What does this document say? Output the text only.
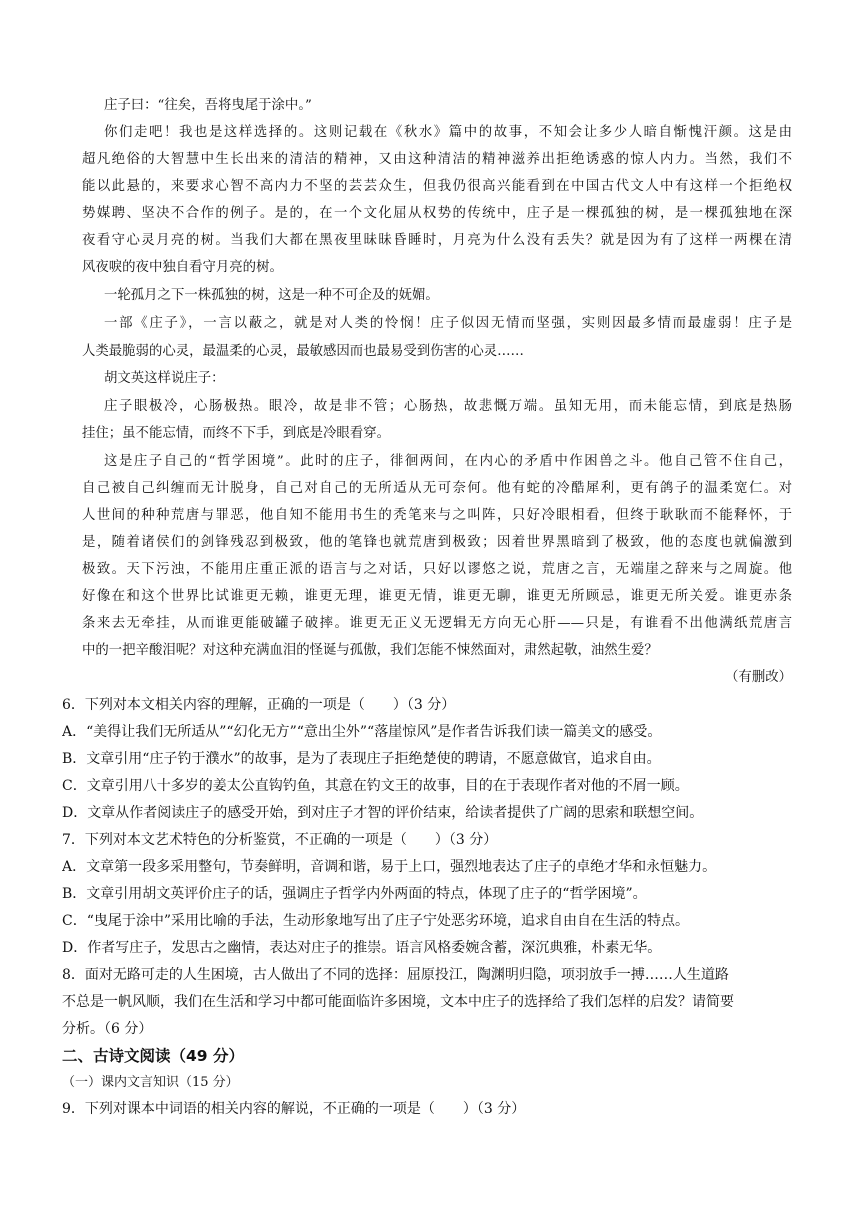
庄子曰：“往矣，吾将曳尾于涂中。”
你们走吧！我也是这样选择的。这则记载在《秋水》篇中的故事，不知会让多少人暗自惭愧汗颜。这是由
超凡绝俗的大智慧中生长出来的清洁的精神，又由这种清洁的精神滋养出拒绝诱惑的惊人内力。当然，我们不
能以此悬的，来要求心智不高内力不坚的芸芸众生，但我仍很高兴能看到在中国古代文人中有这样一个拒绝权
势媒聘、坚决不合作的例子。是的，在一个文化屈从权势的传统中，庄子是一棵孤独的树，是一棵孤独地在深
夜看守心灵月亮的树。当我们大都在黑夜里昧昧昏睡时，月亮为什么没有丢失？就是因为有了这样一两棵在清
风夜唳的夜中独自看守月亮的树。
一轮孤月之下一株孤独的树，这是一种不可企及的妩媚。
一部《庄子》，一言以蔽之，就是对人类的怜悯！庄子似因无情而坚强，实则因最多情而最虚弱！庄子是
人类最脆弱的心灵，最温柔的心灵，最敏感因而也最易受到伤害的心灵……
胡文英这样说庄子：
庄子眼极冷，心肠极热。眼冷，故是非不管；心肠热，故悲慨万端。虽知无用，而未能忘情，到底是热肠
挂住；虽不能忘情，而终不下手，到底是冷眼看穿。
这是庄子自己的“哲学困境”。此时的庄子，徘徊两间，在内心的矛盾中作困兽之斗。他自己管不住自己，
自己被自己纠缠而无计脱身，自己对自己的无所适从无可奈何。他有蛇的冷酷犀利，更有鸽子的温柔宽仁。对
人世间的种种荒唐与罪恶，他自知不能用书生的秃笔来与之叫阵，只好冷眼相看，但终于耿耿而不能释怀，于
是，随着诸侯们的剑锋残忍到极致，他的笔锋也就荒唐到极致；因着世界黑暗到了极致，他的态度也就偏激到
极致。天下污浊，不能用庄重正派的语言与之对话，只好以谬悠之说，荒唐之言，无端崖之辞来与之周旋。他
好像在和这个世界比试谁更无赖，谁更无理，谁更无情，谁更无聊，谁更无所顾忌，谁更无所关爱。谁更赤条
条来去无牵挂，从而谁更能破罐子破摔。谁更无正义无逻辑无方向无心肝——只是，有谁看不出他满纸荒唐言
中的一把辛酸泪呢？对这种充满血泪的怪诞与孤傲，我们怎能不悚然面对，肃然起敬，油然生爱？
（有删改）
6．下列对本文相关内容的理解，正确的一项是（　　）（3 分）
A．“美得让我们无所适从”“幻化无方”“意出尘外”“落崖惊风”是作者告诉我们读一篇美文的感受。
B．文章引用“庄子钓于濮水”的故事，是为了表现庄子拒绝楚使的聘请，不愿意做官，追求自由。
C．文章引用八十多岁的姜太公直钩钓鱼，其意在钓文王的故事，目的在于表现作者对他的不屑一顾。
D．文章从作者阅读庄子的感受开始，到对庄子才智的评价结束，给读者提供了广阔的思索和联想空间。
7．下列对本文艺术特色的分析鉴赏，不正确的一项是（　　）（3 分）
A．文章第一段多采用整句，节奏鲜明，音调和谐，易于上口，强烈地表达了庄子的卓绝才华和永恒魅力。
B．文章引用胡文英评价庄子的话，强调庄子哲学内外两面的特点，体现了庄子的“哲学困境”。
C．“曳尾于涂中”采用比喻的手法，生动形象地写出了庄子宁处恶劣环境，追求自由自在生活的特点。
D．作者写庄子，发思古之幽情，表达对庄子的推崇。语言风格委婉含蓄，深沉典雅，朴素无华。
8．面对无路可走的人生困境，古人做出了不同的选择：屈原投江，陶渊明归隐，项羽放手一搏……人生道路
不总是一帆风顺，我们在生活和学习中都可能面临许多困境，文本中庄子的选择给了我们怎样的启发？请简要
分析。（6 分）
二、古诗文阅读（49 分）
（一）课内文言知识（15 分）
9．下列对课本中词语的相关内容的解说，不正确的一项是（　　）（3 分）
